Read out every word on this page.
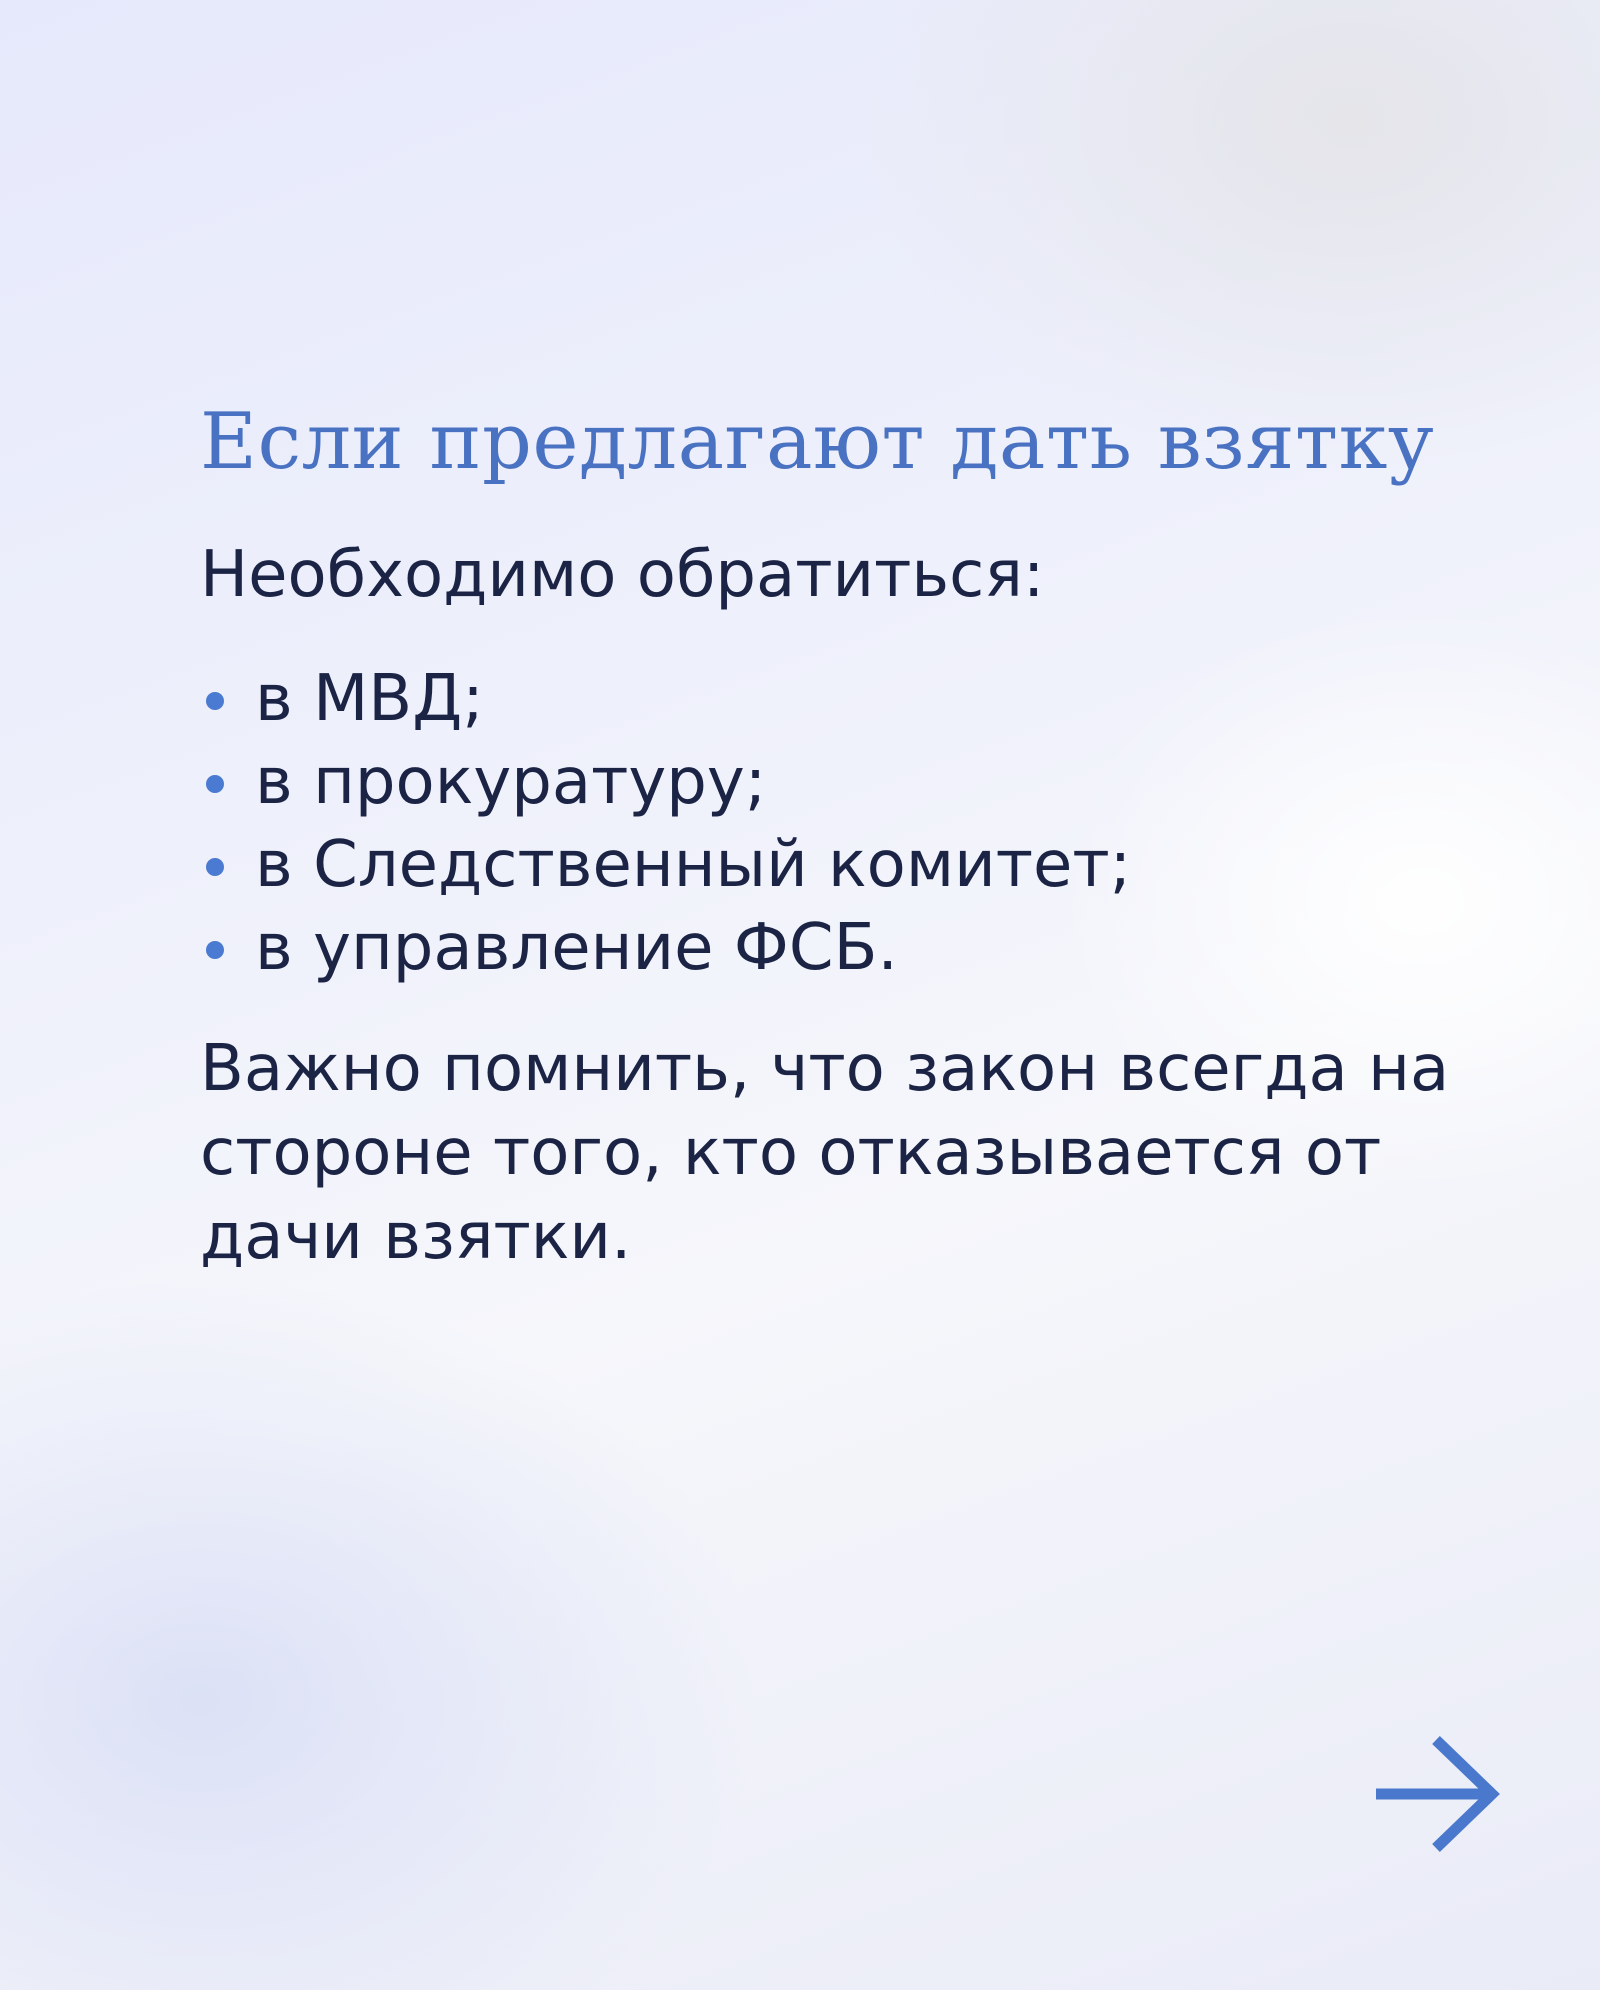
Если предлагают дать взятку

Необходимо обратиться:

в МВД;
в прокуратуру;
в Следственный комитет;
в управление ФСБ.

Важно помнить, что закон всегда на стороне того, кто отказывается от дачи взятки.
